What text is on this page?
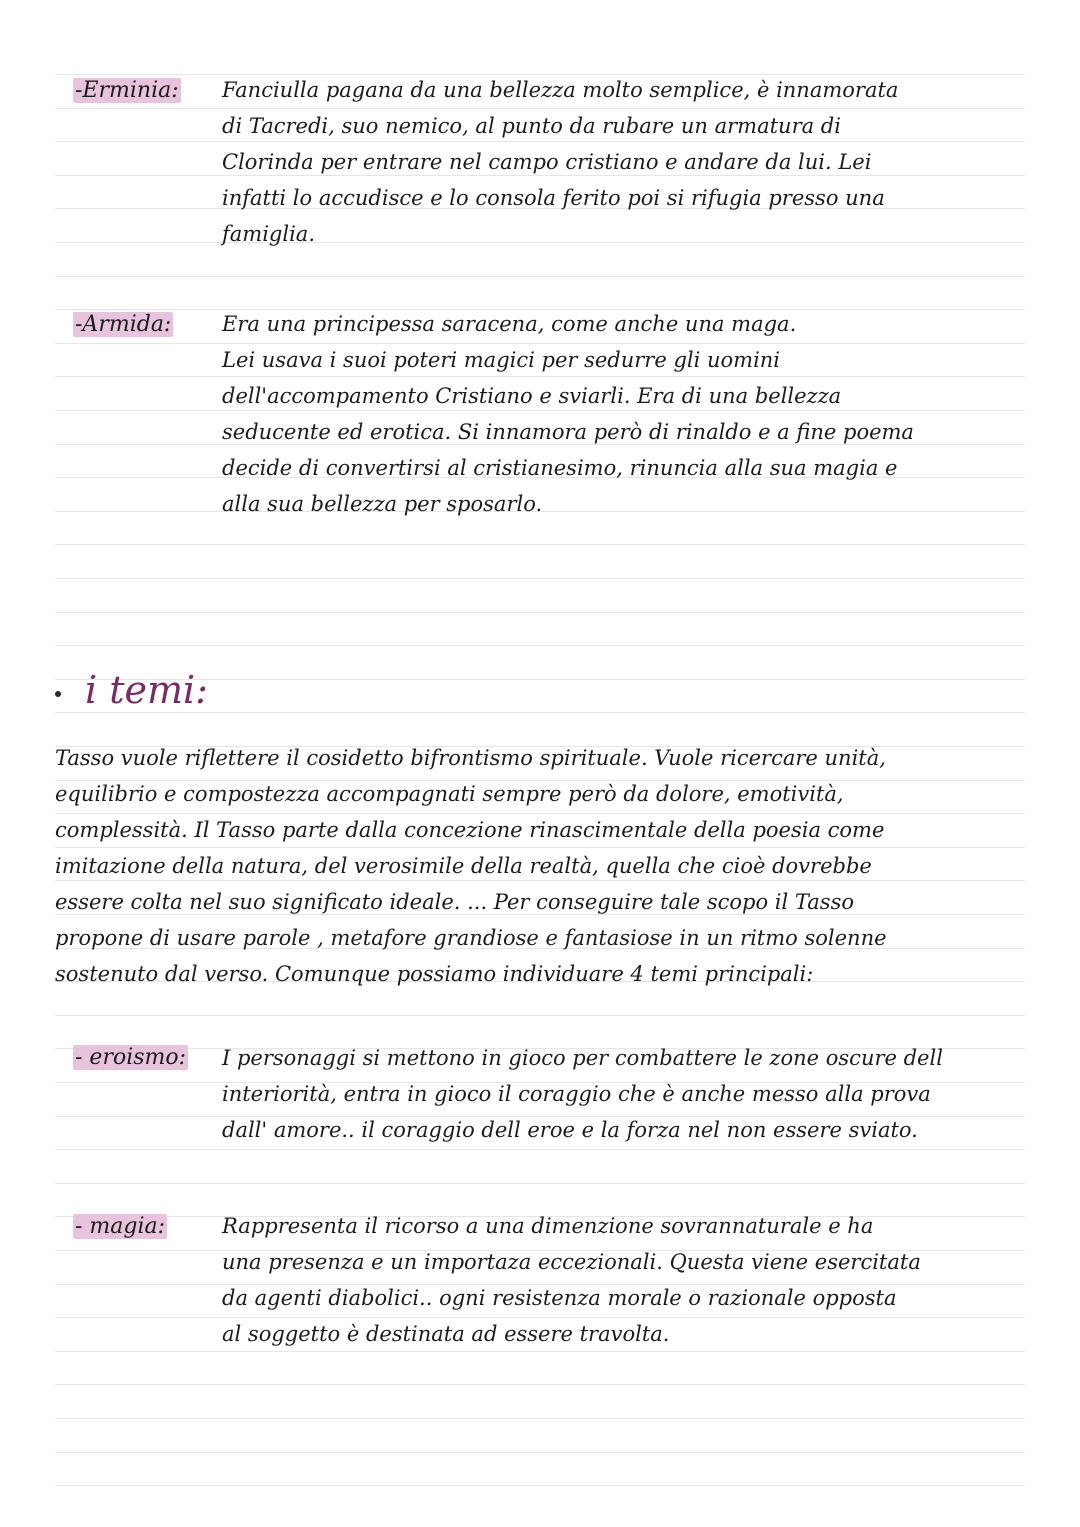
-Erminia: Fanciulla pagana da una bellezza molto semplice, è innamorata
di Tacredi, suo nemico, al punto da rubare un armatura di
Clorinda per entrare nel campo cristiano e andare da lui. Lei
infatti lo accudisce e lo consola ferito poi si rifugia presso una
famiglia.
-Armida: Era una principessa saracena, come anche una maga.
Lei usava i suoi poteri magici per sedurre gli uomini
dell'accompamento Cristiano e sviarli. Era di una bellezza
seducente ed erotica. Si innamora però di rinaldo e a fine poema
decide di convertirsi al cristianesimo, rinuncia alla sua magia e
alla sua bellezza per sposarlo.
i temi:
Tasso vuole riflettere il cosidetto bifrontismo spirituale. Vuole ricercare unità,
equilibrio e compostezza accompagnati sempre però da dolore, emotività,
complessità. Il Tasso parte dalla concezione rinascimentale della poesia come
imitazione della natura, del verosimile della realtà, quella che cioè dovrebbe
essere colta nel suo significato ideale. ... Per conseguire tale scopo il Tasso
propone di usare parole , metafore grandiose e fantasiose in un ritmo solenne
sostenuto dal verso. Comunque possiamo individuare 4 temi principali:
- eroismo: I personaggi si mettono in gioco per combattere le zone oscure dell
interiorità, entra in gioco il coraggio che è anche messo alla prova
dall' amore.. il coraggio dell eroe e la forza nel non essere sviato.
- magia:	Rappresenta il ricorso a una dimenzione sovrannaturale e ha
una presenza e un importaza eccezionali. Questa viene esercitata
da agenti diabolici.. ogni resistenza morale o razionale opposta
al soggetto è destinata ad essere travolta.
